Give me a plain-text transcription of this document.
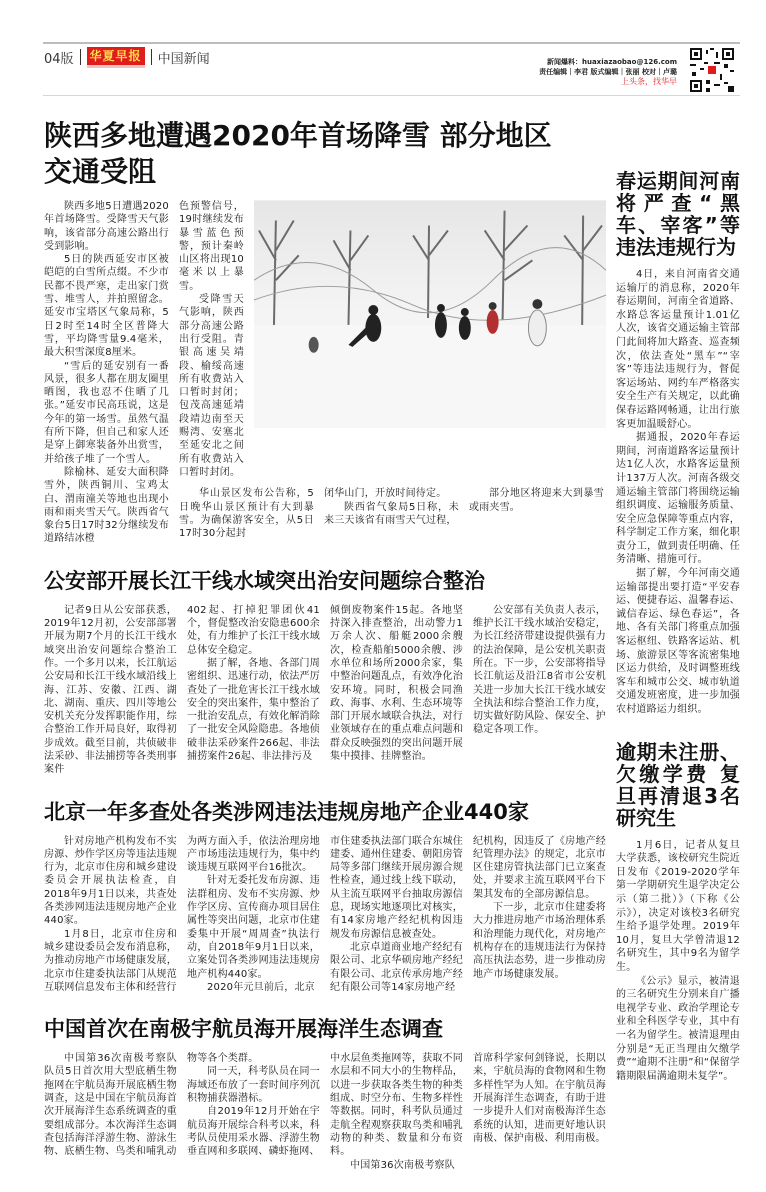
04版 华夏早报 中国新闻	新闻爆料：huaxiazaobao@126.com
责任编辑｜李君 版式编辑｜张丽 校对｜卢璐
上头条，找华早
陕西多地遭遇2020年首场降雪 部分地区
交通受阻

陕西多地5日遭遇2020年首场降雪。受降雪天气影响，该省部分高速公路出行受到影响。

5日的陕西延安市区被皑皑的白雪所点缀。不少市民都不畏严寒，走出家门赏雪、堆雪人，并拍照留念。延安市宝塔区气象局称，5日2时至14时全区普降大雪，平均降雪量9.4毫米，最大积雪深度8厘米。

“雪后的延安别有一番风景，很多人都在朋友圈里晒图，我也忍不住晒了几张。”延安市民高珏说，这是今年的第一场雪。虽然气温有所下降，但自己和家人还是穿上御寒装备外出赏雪，并给孩子堆了一个雪人。

除榆林、延安大面积降雪外，陕西铜川、宝鸡太白、渭南潼关等地也出现小雨和雨夹雪天气。陕西省气象台5日17时32分继续发布道路结冰橙

色预警信号，19时继续发布暴雪蓝色预警，预计秦岭山区将出现10毫米以上暴雪。

受降雪天气影响，陕西部分高速公路出行受阻。青银高速吴靖段、榆绥高速所有收费站入口暂时封闭；包茂高速延靖段靖边南至天赐湾、安塞北至延安北之间所有收费站入口暂时封闭。

华山景区发布公告称，5日晚华山景区预计有大到暴雪。为确保游客安全，从5日17时30分起封

闭华山门，开放时间待定。

陕西省气象局5日称，未来三天该省有雨雪天气过程，

部分地区将迎来大到暴雪或雨夹雪。

公安部开展长江干线水域突出治安问题综合整治

记者9日从公安部获悉，2019年12月初，公安部部署开展为期7个月的长江干线水域突出治安问题综合整治工作。一个多月以来，长江航运公安局和长江干线水域沿线上海、江苏、安徽、江西、湖北、湖南、重庆、四川等地公安机关充分发挥职能作用，综合整治工作开局良好，取得初步成效。截至目前，共侦破非法采砂、非法捕捞等各类刑事案件

402起、打掉犯罪团伙41个，督促整改治安隐患600余处，有力维护了长江干线水域总体安全稳定。

据了解，各地、各部门周密组织、迅速行动，依法严厉查处了一批危害长江干线水域安全的突出案件，集中整治了一批治安乱点，有效化解消除了一批安全风险隐患。各地侦破非法采砂案件266起、非法捕捞案件26起、非法排污及

倾倒废物案件15起。各地坚持深入排查整治，出动警力1万余人次、船艇2000余艘次，检查船舶5000余艘、涉水单位和场所2000余家，集中整治问题乱点，有效净化治安环境。同时，积极会同渔政、海事、水利、生态环境等部门开展水域联合执法，对行业领域存在的重点难点问题和群众反映强烈的突出问题开展集中摸排、挂牌整治。

公安部有关负责人表示，维护长江干线水域治安稳定，为长江经济带建设提供强有力的法治保障，是公安机关职责所在。下一步，公安部将指导长江航运及沿江8省市公安机关进一步加大长江干线水域安全执法和综合整治工作力度，切实做好防风险、保安全、护稳定各项工作。

北京一年多查处各类涉网违法违规房地产企业440家

针对房地产机构发布不实房源、炒作学区房等违法违规行为，北京市住房和城乡建设委员会开展执法检查，自2018年9月1日以来，共查处各类涉网违法违规房地产企业440家。

1月8日，北京市住房和城乡建设委员会发布消息称，为推动房地产市场健康发展，北京市住建委执法部门从规范互联网信息发布主体和经营行

为两方面入手，依法治理房地产市场违法违规行为，集中约谈违规互联网平台16批次。

针对无委托发布房源、违法群租房、发布不实房源、炒作学区房、宣传商办项目居住属性等突出问题，北京市住建委集中开展“周周查”执法行动，自2018年9月1日以来，立案处罚各类涉网违法违规房地产机构440家。

2020年元旦前后，北京

市住建委执法部门联合东城住建委、通州住建委、朝阳房管局等多部门继续开展房源合规性检查，通过线上线下联动，从主流互联网平台抽取房源信息，现场实地逐项比对核实，有14家房地产经纪机构因违规发布房源信息被查处。

北京卓道商业地产经纪有限公司、北京华硕房地产经纪有限公司、北京传承房地产经纪有限公司等14家房地产经

纪机构，因违反了《房地产经纪管理办法》的规定，北京市区住建房管执法部门已立案查处，并要求主流互联网平台下架其发布的全部房源信息。

下一步，北京市住建委将大力推进房地产市场治理体系和治理能力现代化，对房地产机构存在的违规违法行为保持高压执法态势，进一步推动房地产市场健康发展。

中国首次在南极宇航员海开展海洋生态调查

中国第36次南极考察队队员5日首次用大型底栖生物拖网在宇航员海开展底栖生物调查，这是中国在宇航员海首次开展海洋生态系统调查的重要组成部分。本次海洋生态调查包括海洋浮游生物、游泳生物、底栖生物、鸟类和哺乳动

物等各个类群。

同一天，科考队员在同一海域还布放了一套时间序列沉积物捕获器潜标。

自2019年12月开始在宇航员海开展综合科考以来，科考队员使用采水器、浮游生物垂直网和多联网、磷虾拖网、

中水层鱼类拖网等，获取不同水层和不同大小的生物样品，以进一步获取各类生物的种类组成、时空分布、生物多样性等数据。同时，科考队员通过走航全程观察获取鸟类和哺乳动物的种类、数量和分布资料。

中国第36次南极考察队

首席科学家何剑锋说，长期以来，宇航员海的食物网和生物多样性罕为人知。在宇航员海开展海洋生态调查，有助于进一步提升人们对南极海洋生态系统的认知，进而更好地认识南极、保护南极、利用南极。

春运期间河南将严查“黑车、宰客”等违法违规行为

4日，来自河南省交通运输厅的消息称，2020年春运期间，河南全省道路、水路总客运量预计1.01亿人次，该省交通运输主管部门此间将加大路查、巡查频次，依法查处“黑车”“宰客”等违法违规行为，督促客运场站、网约车严格落实安全生产有关规定，以此确保春运路网畅通，让出行旅客更加温暖舒心。

据通报，2020年春运期间，河南道路客运量预计达1亿人次，水路客运量预计137万人次。河南各级交通运输主管部门将围绕运输组织调度、运输服务质量、安全应急保障等重点内容，科学制定工作方案，细化职责分工，做到责任明确、任务清晰、措施可行。

据了解，今年河南交通运输部提出要打造“平安春运、便捷春运、温馨春运、诚信春运、绿色春运”，各地、各有关部门将重点加强客运枢纽、铁路客运站、机场、旅游景区等客流密集地区运力供给，及时调整班线客车和城市公交、城市轨道交通发班密度，进一步加强农村道路运力组织。

逾期未注册、欠缴学费 复旦再清退3名研究生

1月6日，记者从复旦大学获悉，该校研究生院近日发布《2019-2020学年第一学期研究生退学决定公示（第二批）》（下称《公示》），决定对该校3名研究生给予退学处理。2019年10月，复旦大学曾清退12名研究生，其中9名为留学生。

《公示》显示，被清退的三名研究生分别来自广播电视学专业、政治学理论专业和全科医学专业，其中有一名为留学生。被清退理由分别是“无正当理由欠缴学费”“逾期不注册”和“保留学籍期限届满逾期未复学”。
